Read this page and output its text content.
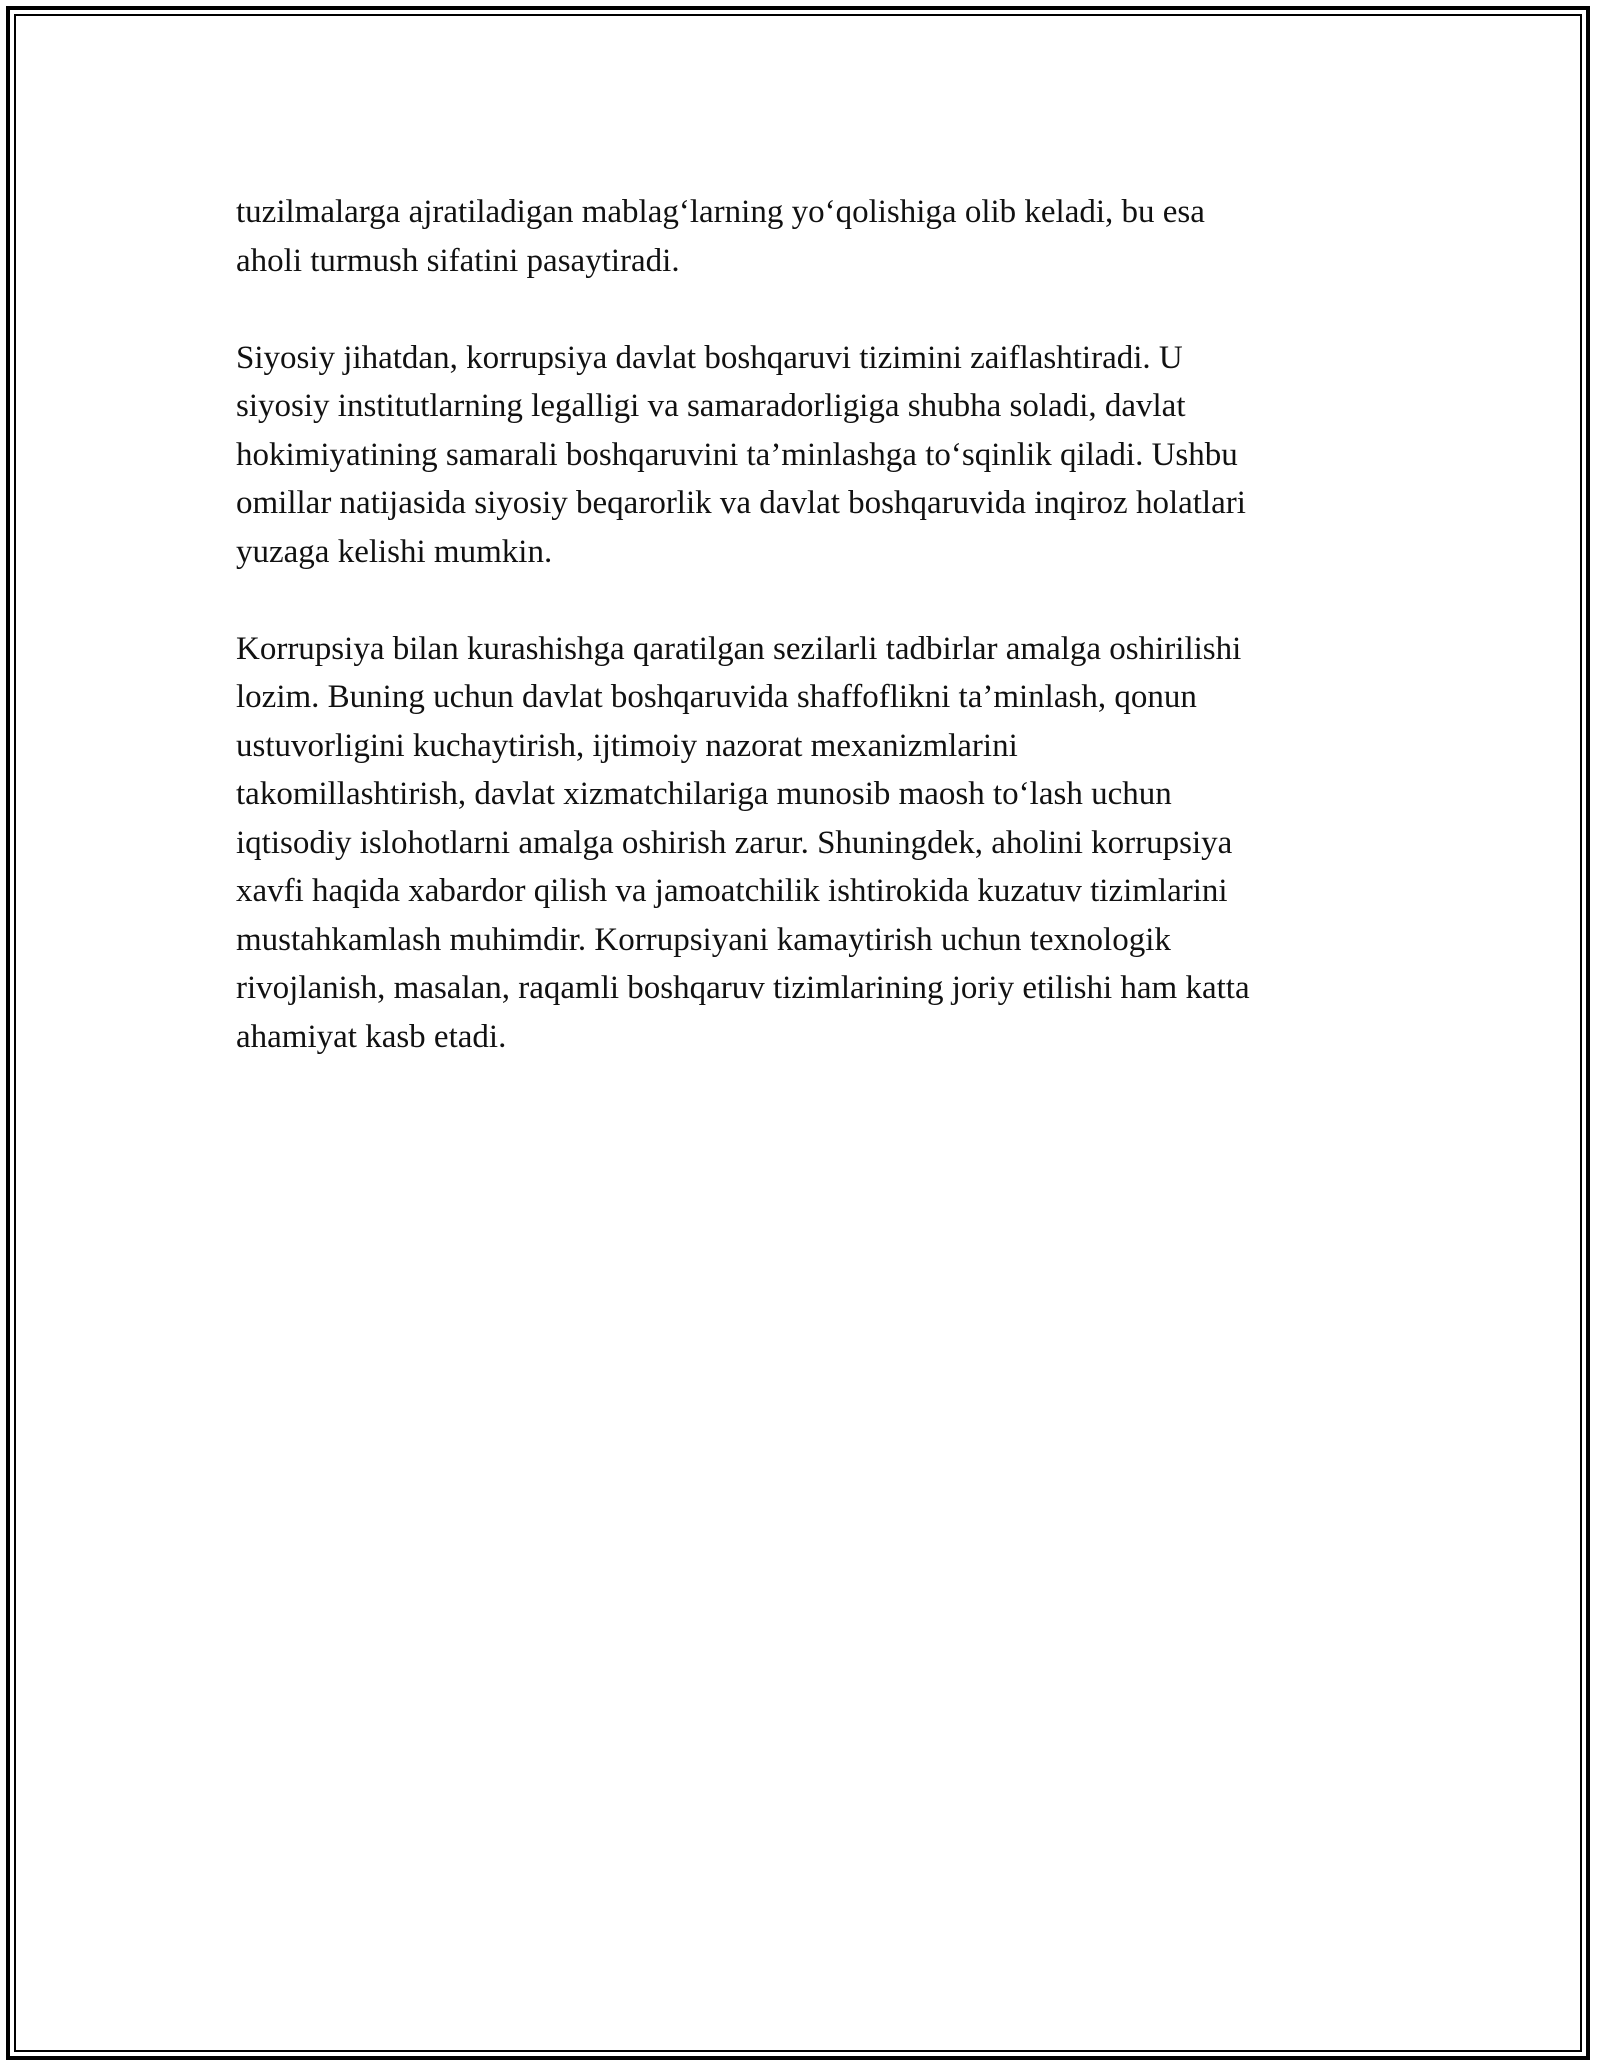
tuzilmalarga ajratiladigan mablag‘larning yo‘qolishiga olib keladi, bu esa
aholi turmush sifatini pasaytiradi.

Siyosiy jihatdan, korrupsiya davlat boshqaruvi tizimini zaiflashtiradi. U
siyosiy institutlarning legalligi va samaradorligiga shubha soladi, davlat
hokimiyatining samarali boshqaruvini ta’minlashga to‘sqinlik qiladi. Ushbu
omillar natijasida siyosiy beqarorlik va davlat boshqaruvida inqiroz holatlari
yuzaga kelishi mumkin.

Korrupsiya bilan kurashishga qaratilgan sezilarli tadbirlar amalga oshirilishi
lozim. Buning uchun davlat boshqaruvida shaffoflikni ta’minlash, qonun
ustuvorligini kuchaytirish, ijtimoiy nazorat mexanizmlarini
takomillashtirish, davlat xizmatchilariga munosib maosh to‘lash uchun
iqtisodiy islohotlarni amalga oshirish zarur. Shuningdek, aholini korrupsiya
xavfi haqida xabardor qilish va jamoatchilik ishtirokida kuzatuv tizimlarini
mustahkamlash muhimdir. Korrupsiyani kamaytirish uchun texnologik
rivojlanish, masalan, raqamli boshqaruv tizimlarining joriy etilishi ham katta
ahamiyat kasb etadi.
